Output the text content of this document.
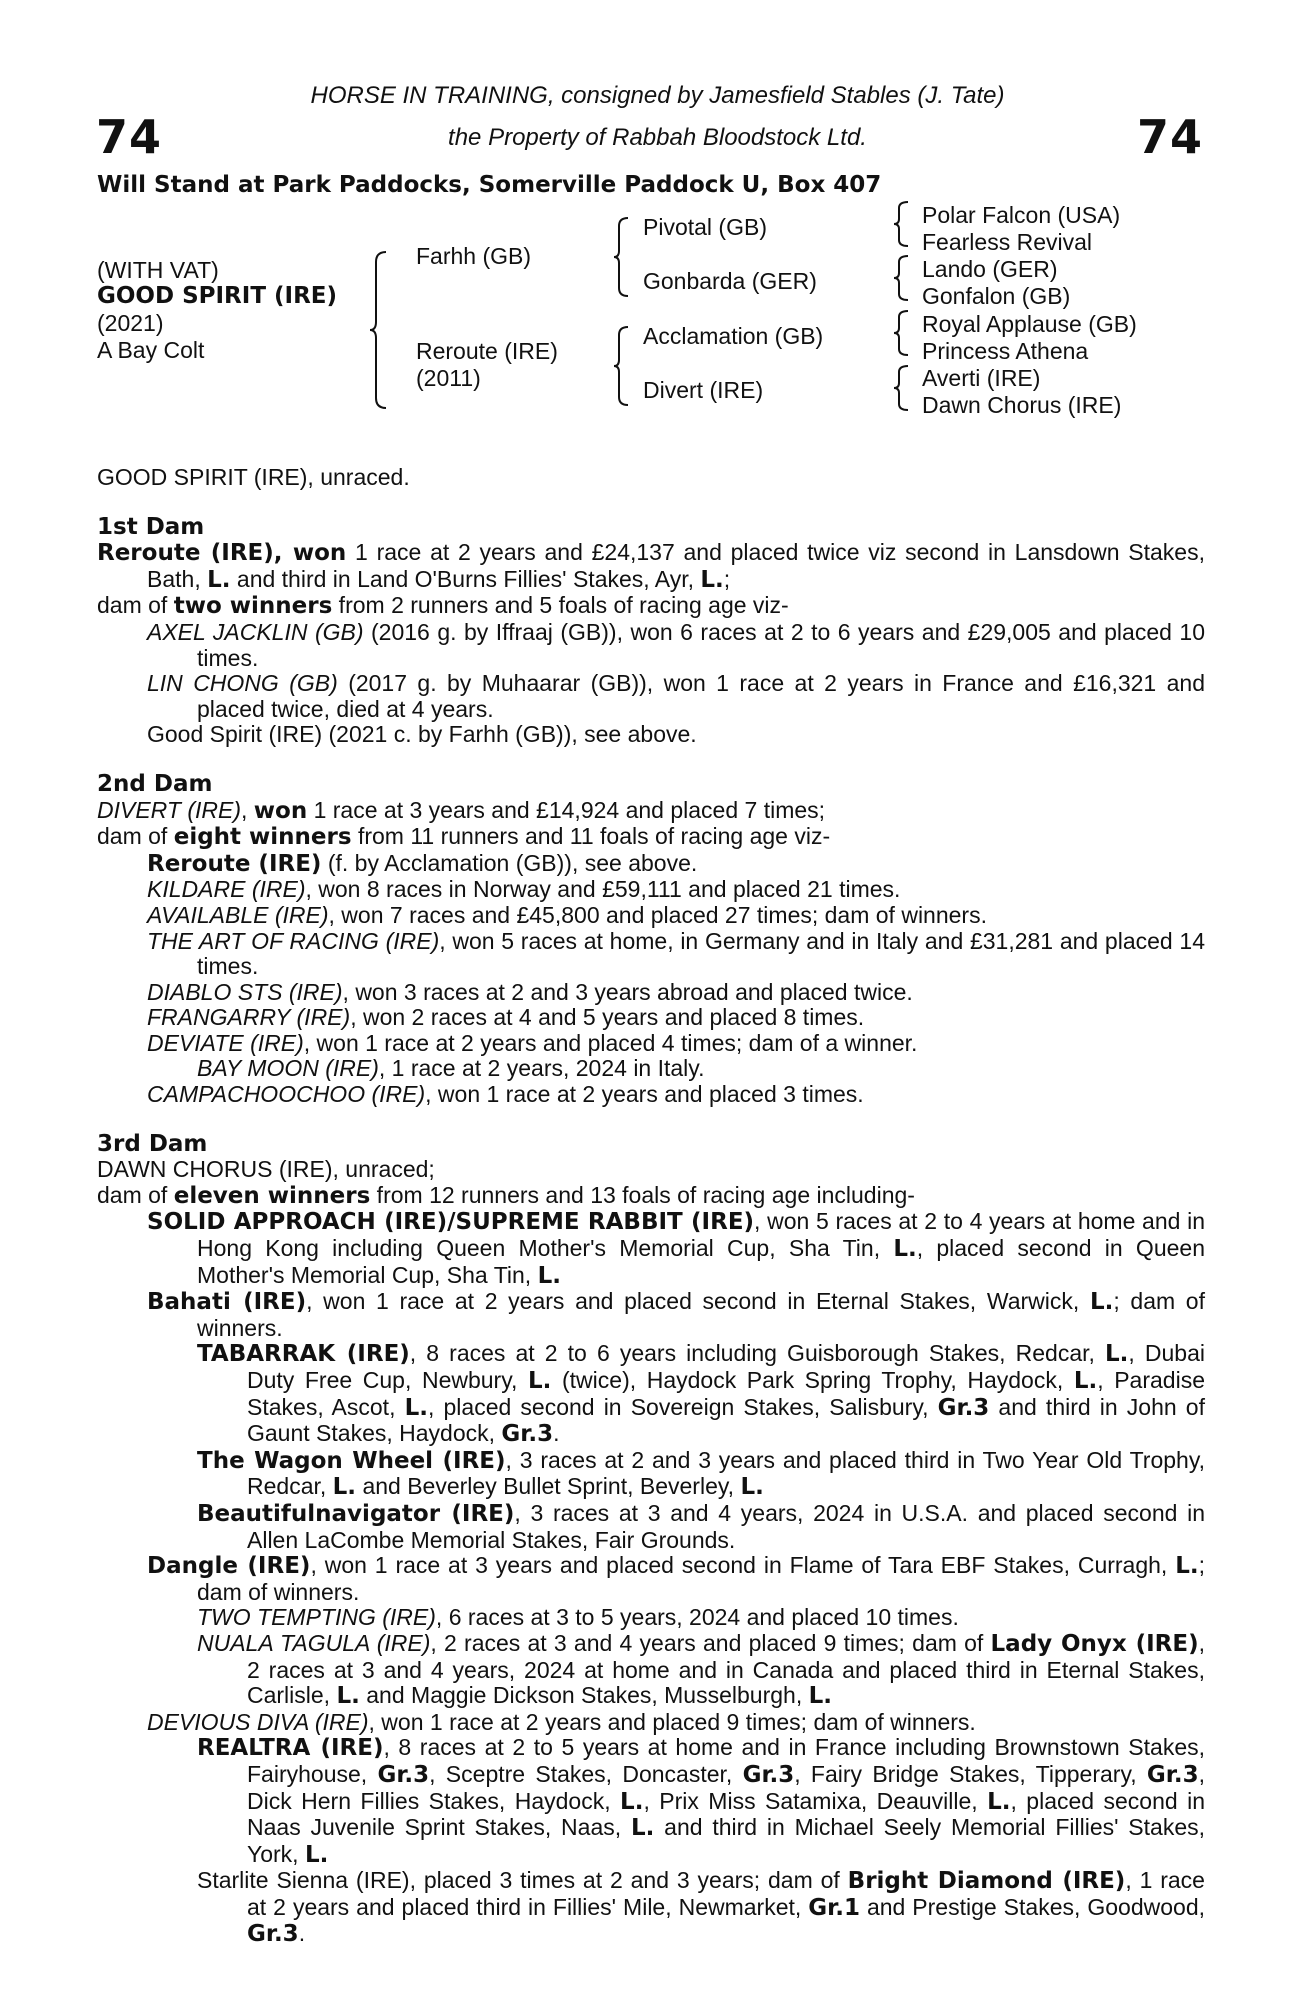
74	74
HORSE IN TRAINING, consigned by Jamesfield Stables (J. Tate)
the Property of Rabbah Bloodstock Ltd.
Will Stand at Park Paddocks, Somerville Paddock U, Box 407
(WITH VAT)
GOOD SPIRIT (IRE)
(2021)
A Bay Colt
Farhh (GB)
Reroute (IRE)
(2011)
Pivotal (GB)
Gonbarda (GER)
Acclamation (GB)
Divert (IRE)
Polar Falcon (USA)
Fearless Revival
Lando (GER)
Gonfalon (GB)
Royal Applause (GB)
Princess Athena
Averti (IRE)
Dawn Chorus (IRE)

GOOD SPIRIT (IRE), unraced.

1st Dam

Reroute (IRE), won 1 race at 2 years and £24,137 and placed twice viz second in Lansdown Stakes, Bath, L. and third in Land O'Burns Fillies' Stakes, Ayr, L.;

dam of two winners from 2 runners and 5 foals of racing age viz-

AXEL JACKLIN (GB) (2016 g. by Iffraaj (GB)), won 6 races at 2 to 6 years and £29,005 and placed 10 times.

LIN CHONG (GB) (2017 g. by Muhaarar (GB)), won 1 race at 2 years in France and £16,321 and placed twice, died at 4 years.

Good Spirit (IRE) (2021 c. by Farhh (GB)), see above.

2nd Dam

DIVERT (IRE), won 1 race at 3 years and £14,924 and placed 7 times;

dam of eight winners from 11 runners and 11 foals of racing age viz-

Reroute (IRE) (f. by Acclamation (GB)), see above.

KILDARE (IRE), won 8 races in Norway and £59,111 and placed 21 times.

AVAILABLE (IRE), won 7 races and £45,800 and placed 27 times; dam of winners.

THE ART OF RACING (IRE), won 5 races at home, in Germany and in Italy and £31,281 and placed 14 times.

DIABLO STS (IRE), won 3 races at 2 and 3 years abroad and placed twice.

FRANGARRY (IRE), won 2 races at 4 and 5 years and placed 8 times.

DEVIATE (IRE), won 1 race at 2 years and placed 4 times; dam of a winner.

BAY MOON (IRE), 1 race at 2 years, 2024 in Italy.

CAMPACHOOCHOO (IRE), won 1 race at 2 years and placed 3 times.

3rd Dam

DAWN CHORUS (IRE), unraced;

dam of eleven winners from 12 runners and 13 foals of racing age including-

SOLID APPROACH (IRE)/SUPREME RABBIT (IRE), won 5 races at 2 to 4 years at home and in Hong Kong including Queen Mother's Memorial Cup, Sha Tin, L., placed second in Queen Mother's Memorial Cup, Sha Tin, L.

Bahati (IRE), won 1 race at 2 years and placed second in Eternal Stakes, Warwick, L.; dam of winners.

TABARRAK (IRE), 8 races at 2 to 6 years including Guisborough Stakes, Redcar, L., Dubai Duty Free Cup, Newbury, L. (twice), Haydock Park Spring Trophy, Haydock, L., Paradise Stakes, Ascot, L., placed second in Sovereign Stakes, Salisbury, Gr.3 and third in John of Gaunt Stakes, Haydock, Gr.3.

The Wagon Wheel (IRE), 3 races at 2 and 3 years and placed third in Two Year Old Trophy, Redcar, L. and Beverley Bullet Sprint, Beverley, L.

Beautifulnavigator (IRE), 3 races at 3 and 4 years, 2024 in U.S.A. and placed second in Allen LaCombe Memorial Stakes, Fair Grounds.

Dangle (IRE), won 1 race at 3 years and placed second in Flame of Tara EBF Stakes, Curragh, L.; dam of winners.

TWO TEMPTING (IRE), 6 races at 3 to 5 years, 2024 and placed 10 times.

NUALA TAGULA (IRE), 2 races at 3 and 4 years and placed 9 times; dam of Lady Onyx (IRE), 2 races at 3 and 4 years, 2024 at home and in Canada and placed third in Eternal Stakes, Carlisle, L. and Maggie Dickson Stakes, Musselburgh, L.

DEVIOUS DIVA (IRE), won 1 race at 2 years and placed 9 times; dam of winners.

REALTRA (IRE), 8 races at 2 to 5 years at home and in France including Brownstown Stakes, Fairyhouse, Gr.3, Sceptre Stakes, Doncaster, Gr.3, Fairy Bridge Stakes, Tipperary, Gr.3, Dick Hern Fillies Stakes, Haydock, L., Prix Miss Satamixa, Deauville, L., placed second in Naas Juvenile Sprint Stakes, Naas, L. and third in Michael Seely Memorial Fillies' Stakes, York, L.

Starlite Sienna (IRE), placed 3 times at 2 and 3 years; dam of Bright Diamond (IRE), 1 race at 2 years and placed third in Fillies' Mile, Newmarket, Gr.1 and Prestige Stakes, Goodwood, Gr.3.
